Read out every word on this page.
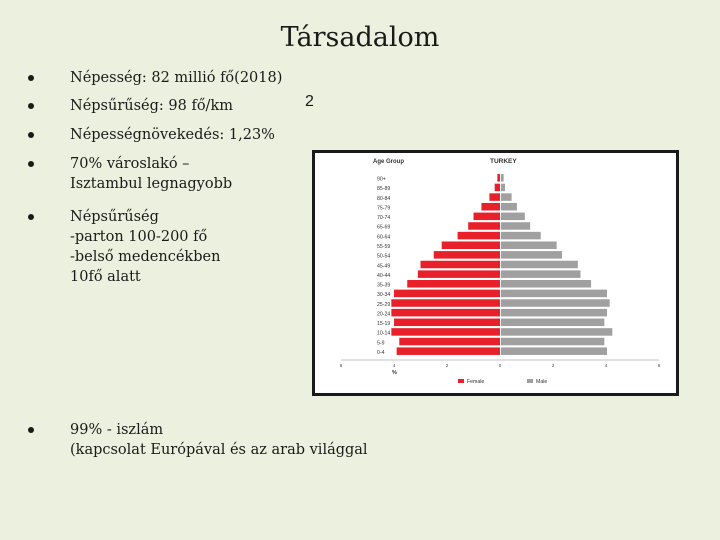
Társadalom
Népesség: 82 millió fő(2018)
Népsűrűség: 98 fő/km
Népességnövekedés: 1,23%
70% városlakó –
Isztambul legnagyobb
Népsűrűség
-parton 100-200 fő
-belső medencékben
10fő alatt
99% - iszlám
(kapcsolat Európával és az arab világgal
2
Age Group	TURKEY
90+
85-89
80-84
75-79
70-74
65-69
60-64
55-59
50-54
45-49
40-44
35-39
30-34
25-29
20-24
15-19
10-14
5-9
0-4
6	4	2	0	2	4	6
%
Female	Male
